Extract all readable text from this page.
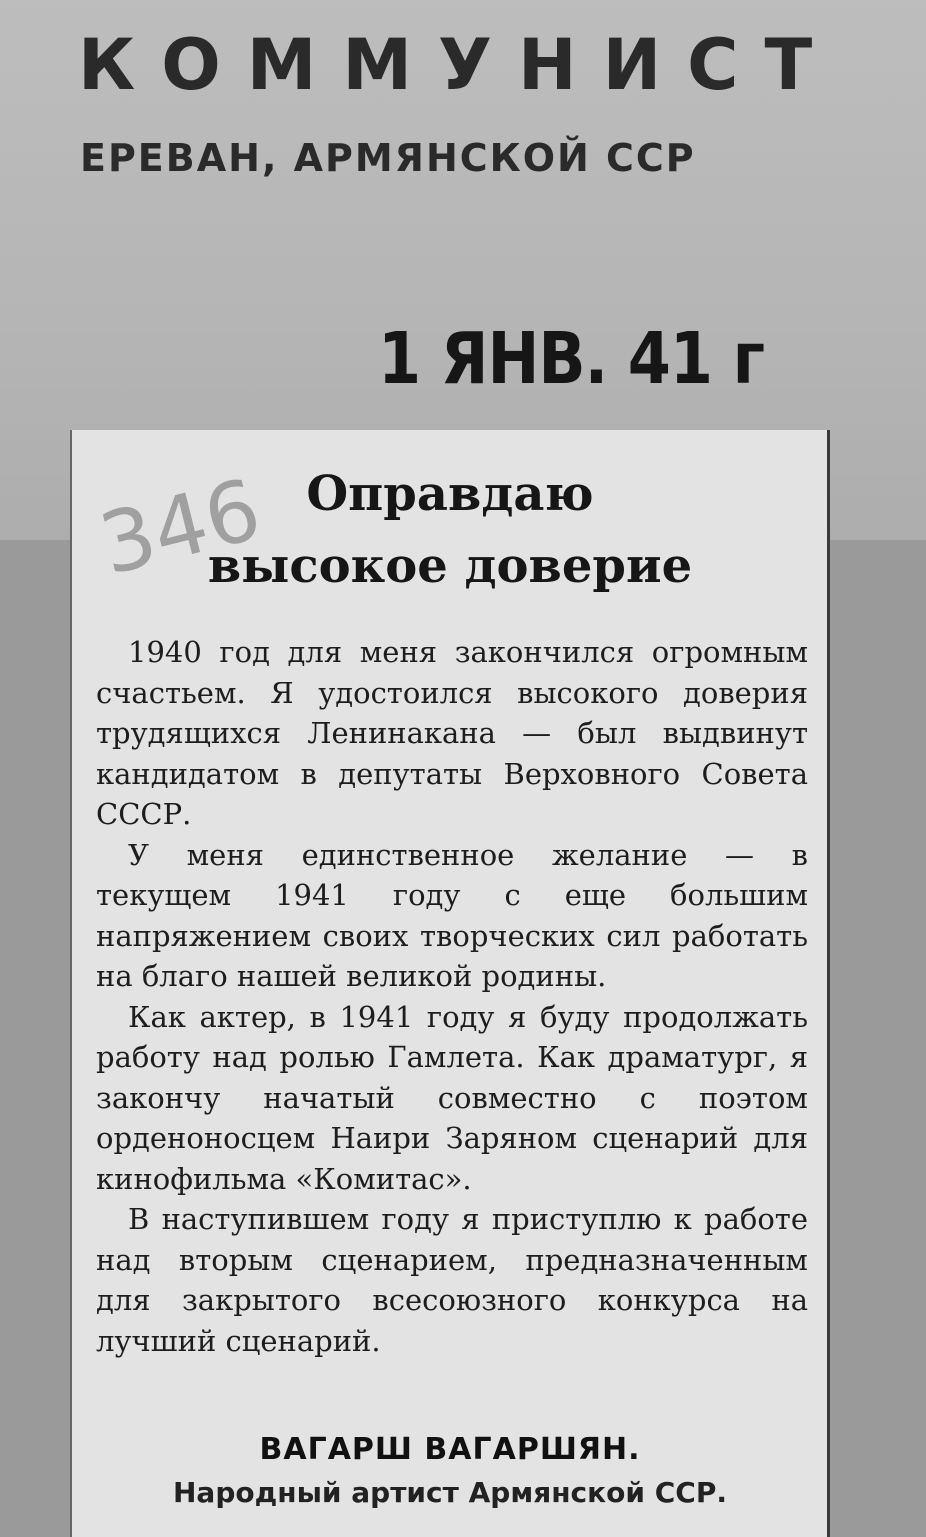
КОММУНИСТ
ЕРЕВАН, АРМЯНСКОЙ ССР
1 ЯНВ. 41 г
346 Оправдаю
высокое доверие

1940 год для меня закончился огромным счастьем. Я удостоился высокого доверия трудящихся Ленинакана — был выдвинут кандидатом в депутаты Верховного Совета СССР.

У меня единственное желание — в текущем 1941 году с еще большим напряжением своих творческих сил работать на благо нашей великой родины.

Как актер, в 1941 году я буду продолжать работу над ролью Гамлета. Как драматург, я закончу начатый совместно с поэтом орденоносцем Наири Заряном сценарий для кинофильма «Комитас».

В наступившем году я приступлю к работе над вторым сценарием, предназначенным для закрытого всесоюзного конкурса на лучший сценарий.

ВАГАРШ ВАГАРШЯН.
Народный артист Армянской ССР.
